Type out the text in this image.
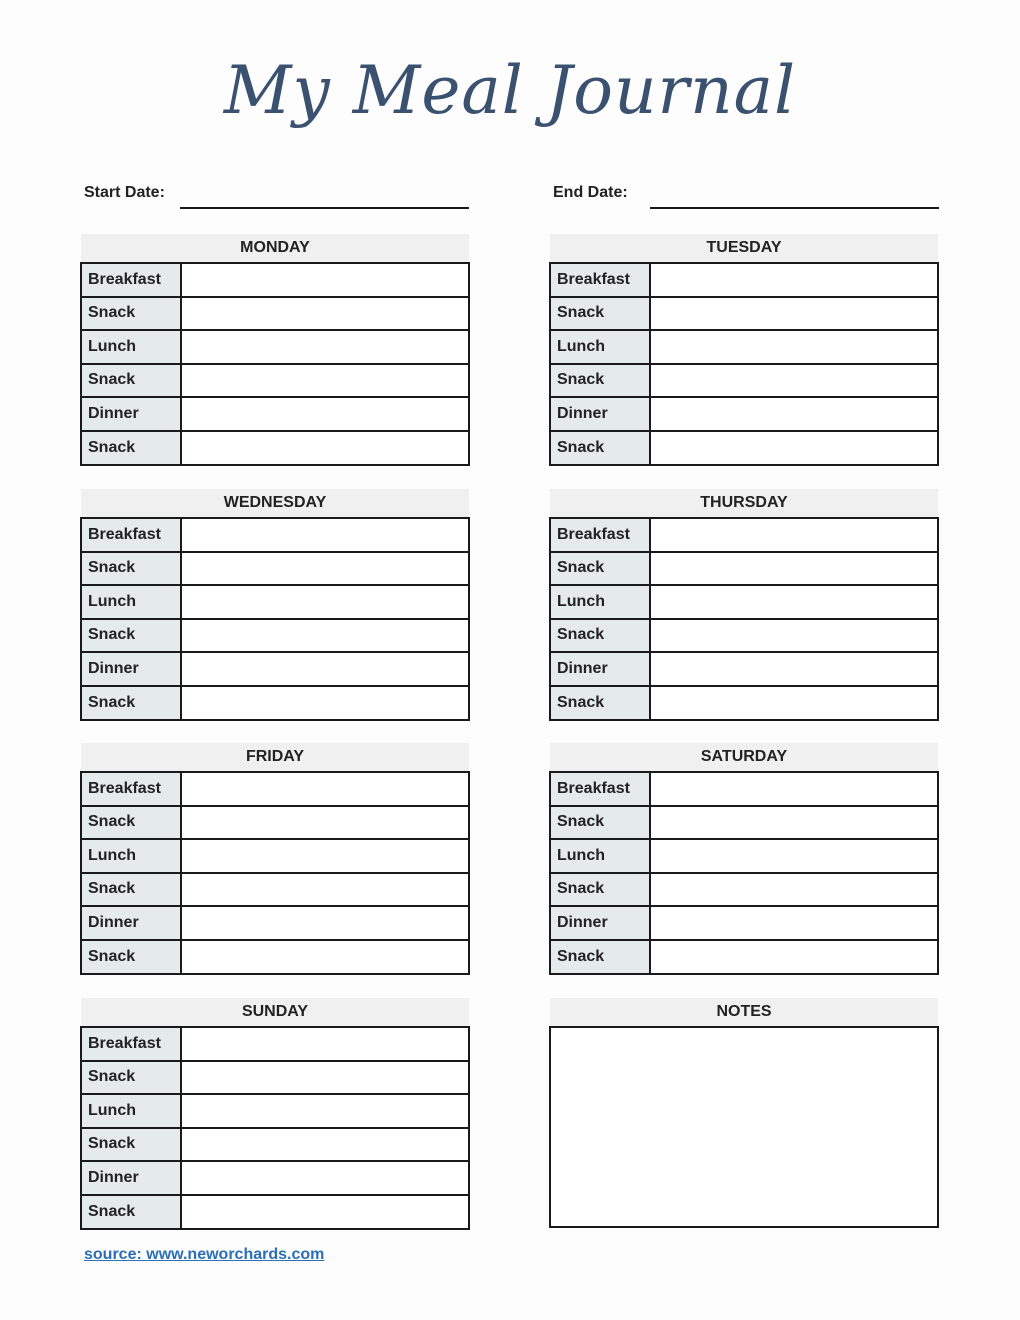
My Meal Journal
Start Date:	End Date:
MONDAY
Breakfast
Snack
Lunch
Snack
Dinner
Snack
TUESDAY
Breakfast
Snack
Lunch
Snack
Dinner
Snack
WEDNESDAY
Breakfast
Snack
Lunch
Snack
Dinner
Snack
THURSDAY
Breakfast
Snack
Lunch
Snack
Dinner
Snack
FRIDAY
Breakfast
Snack
Lunch
Snack
Dinner
Snack
SATURDAY
Breakfast
Snack
Lunch
Snack
Dinner
Snack
SUNDAY
Breakfast
Snack
Lunch
Snack
Dinner
Snack
NOTES
source: www.neworchards.com
